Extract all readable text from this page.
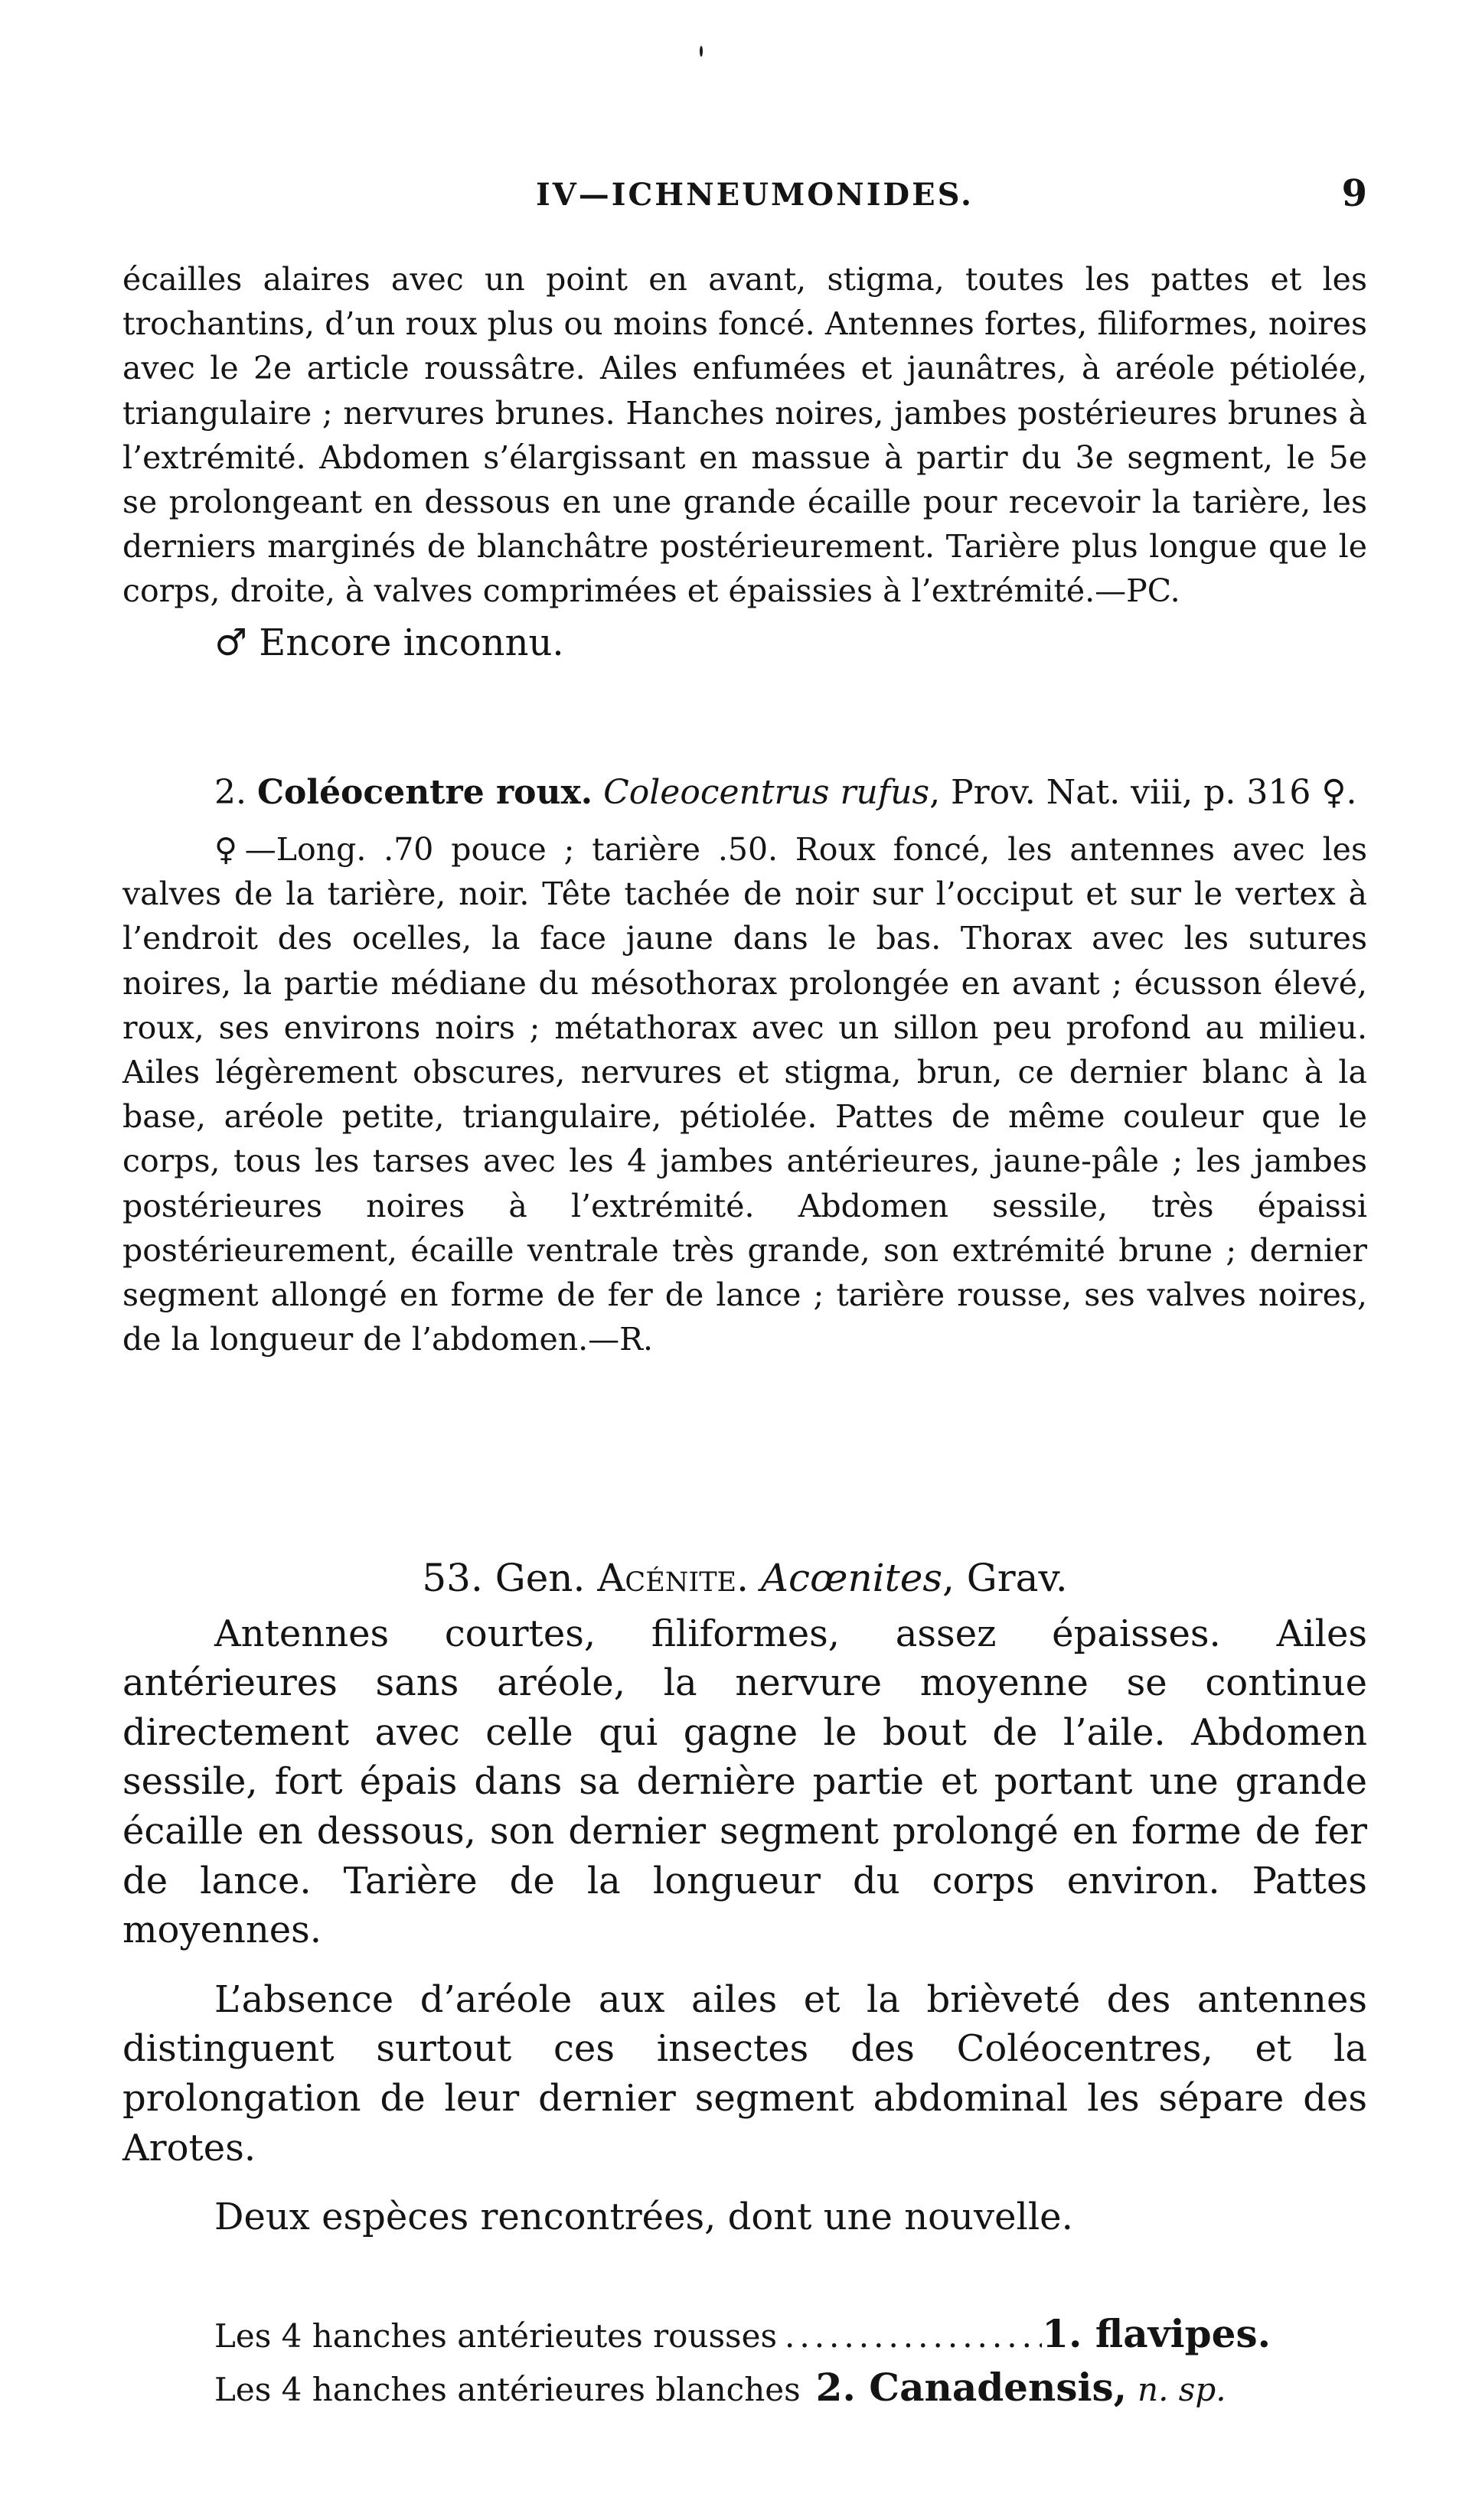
IV—ICHNEUMONIDES.	9

écailles alaires avec un point en avant, stigma, toutes les pattes et les trochantins, d’un roux plus ou moins foncé. Antennes fortes, filiformes, noires avec le 2e article roussâtre. Ailes enfumées et jaunâtres, à aréole pétiolée, triangulaire ; nervures brunes. Hanches noires, jambes postérieures brunes à l’extrémité. Abdomen s’élargissant en massue à partir du 3e segment, le 5e se prolongeant en dessous en une grande écaille pour recevoir la tarière, les derniers marginés de blanchâtre postérieurement. Tarière plus longue que le corps, droite, à valves comprimées et épaissies à l’extrémité.—PC.

♂ Encore inconnu.

2. Coléocentre roux. Coleocentrus rufus, Prov. Nat. viii, p. 316 ♀.

♀—Long. .70 pouce ; tarière .50. Roux foncé, les antennes avec les valves de la tarière, noir. Tête tachée de noir sur l’occiput et sur le vertex à l’endroit des ocelles, la face jaune dans le bas. Thorax avec les sutures noires, la partie médiane du mésothorax prolongée en avant ; écusson élevé, roux, ses environs noirs ; métathorax avec un sillon peu profond au milieu. Ailes légèrement obscures, nervures et stigma, brun, ce dernier blanc à la base, aréole petite, triangulaire, pétiolée. Pattes de même couleur que le corps, tous les tarses avec les 4 jambes antérieures, jaune-pâle ; les jambes postérieures noires à l’extrémité. Abdomen sessile, très épaissi postérieurement, écaille ventrale très grande, son extrémité brune ; dernier segment allongé en forme de fer de lance ; tarière rousse, ses valves noires, de la longueur de l’abdomen.—R.

53. Gen. Acénite. Acœnites, Grav.

Antennes courtes, filiformes, assez épaisses. Ailes antérieures sans aréole, la nervure moyenne se continue directement avec celle qui gagne le bout de l’aile. Abdomen sessile, fort épais dans sa dernière partie et portant une grande écaille en dessous, son dernier segment prolongé en forme de fer de lance. Tarière de la longueur du corps environ. Pattes moyennes.

L’absence d’aréole aux ailes et la brièveté des antennes distinguent surtout ces insectes des Coléocentres, et la prolongation de leur dernier segment abdominal les sépare des Arotes.

Deux espèces rencontrées, dont une nouvelle.

Les 4 hanches antérieutes rousses
.....	1. flavipes.
Les 4 hanches antérieures blanches 2. Canadensis, n. sp.
